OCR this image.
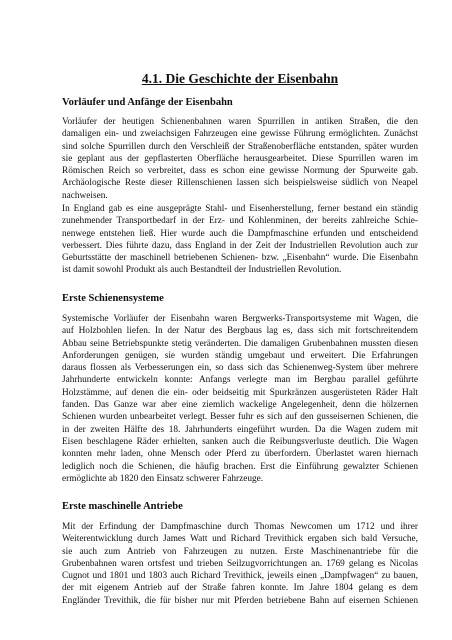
4.1. Die Geschichte der Eisenbahn
Vorläufer und Anfänge der Eisenbahn

Vorläufer der heutigen Schienenbahnen waren Spurrillen in antiken Straßen, die den
damaligen ein- und zweiachsigen Fahrzeugen eine gewisse Führung ermöglichten. Zunächst
sind solche Spurrillen durch den Verschleiß der Straßenoberfläche entstanden, später wurden
sie geplant aus der gepflasterten Oberfläche herausgearbeitet. Diese Spurrillen waren im
Römischen Reich so verbreitet, dass es schon eine gewisse Normung der Spurweite gab.
Archäologische Reste dieser Rillenschienen lassen sich beispielsweise südlich von Neapel
nachweisen.

In England gab es eine ausgeprägte Stahl- und Eisenherstellung, ferner bestand ein ständig
zunehmender Transportbedarf in der Erz- und Kohlenminen, der bereits zahlreiche Schie-
nenwege entstehen ließ. Hier wurde auch die Dampfmaschine erfunden und entscheidend
verbessert. Dies führte dazu, dass England in der Zeit der Industriellen Revolution auch zur
Geburtsstätte der maschinell betriebenen Schienen- bzw. „Eisenbahn“ wurde. Die Eisenbahn
ist damit sowohl Produkt als auch Bestandteil der Industriellen Revolution.

Erste Schienensysteme

Systemische Vorläufer der Eisenbahn waren Bergwerks-Transportsysteme mit Wagen, die
auf Holzbohlen liefen. In der Natur des Bergbaus lag es, dass sich mit fortschreitendem
Abbau seine Betriebspunkte stetig veränderten. Die damaligen Grubenbahnen mussten diesen
Anforderungen genügen, sie wurden ständig umgebaut und erweitert. Die Erfahrungen
daraus flossen als Verbesserungen ein, so dass sich das Schienenweg-System über mehrere
Jahrhunderte entwickeln konnte: Anfangs verlegte man im Bergbau parallel geführte
Holzstämme, auf denen die ein- oder beidseitig mit Spurkränzen ausgerüsteten Räder Halt
fanden. Das Ganze war aber eine ziemlich wackelige Angelegenheit, denn die hölzernen
Schienen wurden unbearbeitet verlegt. Besser fuhr es sich auf den gusseisernen Schienen, die
in der zweiten Hälfte des 18. Jahrhunderts eingeführt wurden. Da die Wagen zudem mit
Eisen beschlagene Räder erhielten, sanken auch die Reibungsverluste deutlich. Die Wagen
konnten mehr laden, ohne Mensch oder Pferd zu überfordern. Überlastet waren hiernach
lediglich noch die Schienen, die häufig brachen. Erst die Einführung gewalzter Schienen
ermöglichte ab 1820 den Einsatz schwerer Fahrzeuge.

Erste maschinelle Antriebe

Mit der Erfindung der Dampfmaschine durch Thomas Newcomen um 1712 und ihrer
Weiterentwicklung durch James Watt und Richard Trevithick ergaben sich bald Versuche,
sie auch zum Antrieb von Fahrzeugen zu nutzen. Erste Maschinenantriebe für die
Grubenbahnen waren ortsfest und trieben Seilzugvorrichtungen an. 1769 gelang es Nicolas
Cugnot und 1801 und 1803 auch Richard Trevithick, jeweils einen „Dampfwagen“ zu bauen,
der mit eigenem Antrieb auf der Straße fahren konnte. Im Jahre 1804 gelang es dem
Engländer Trevithik, die für bisher nur mit Pferden betriebene Bahn auf eisernen Schienen
